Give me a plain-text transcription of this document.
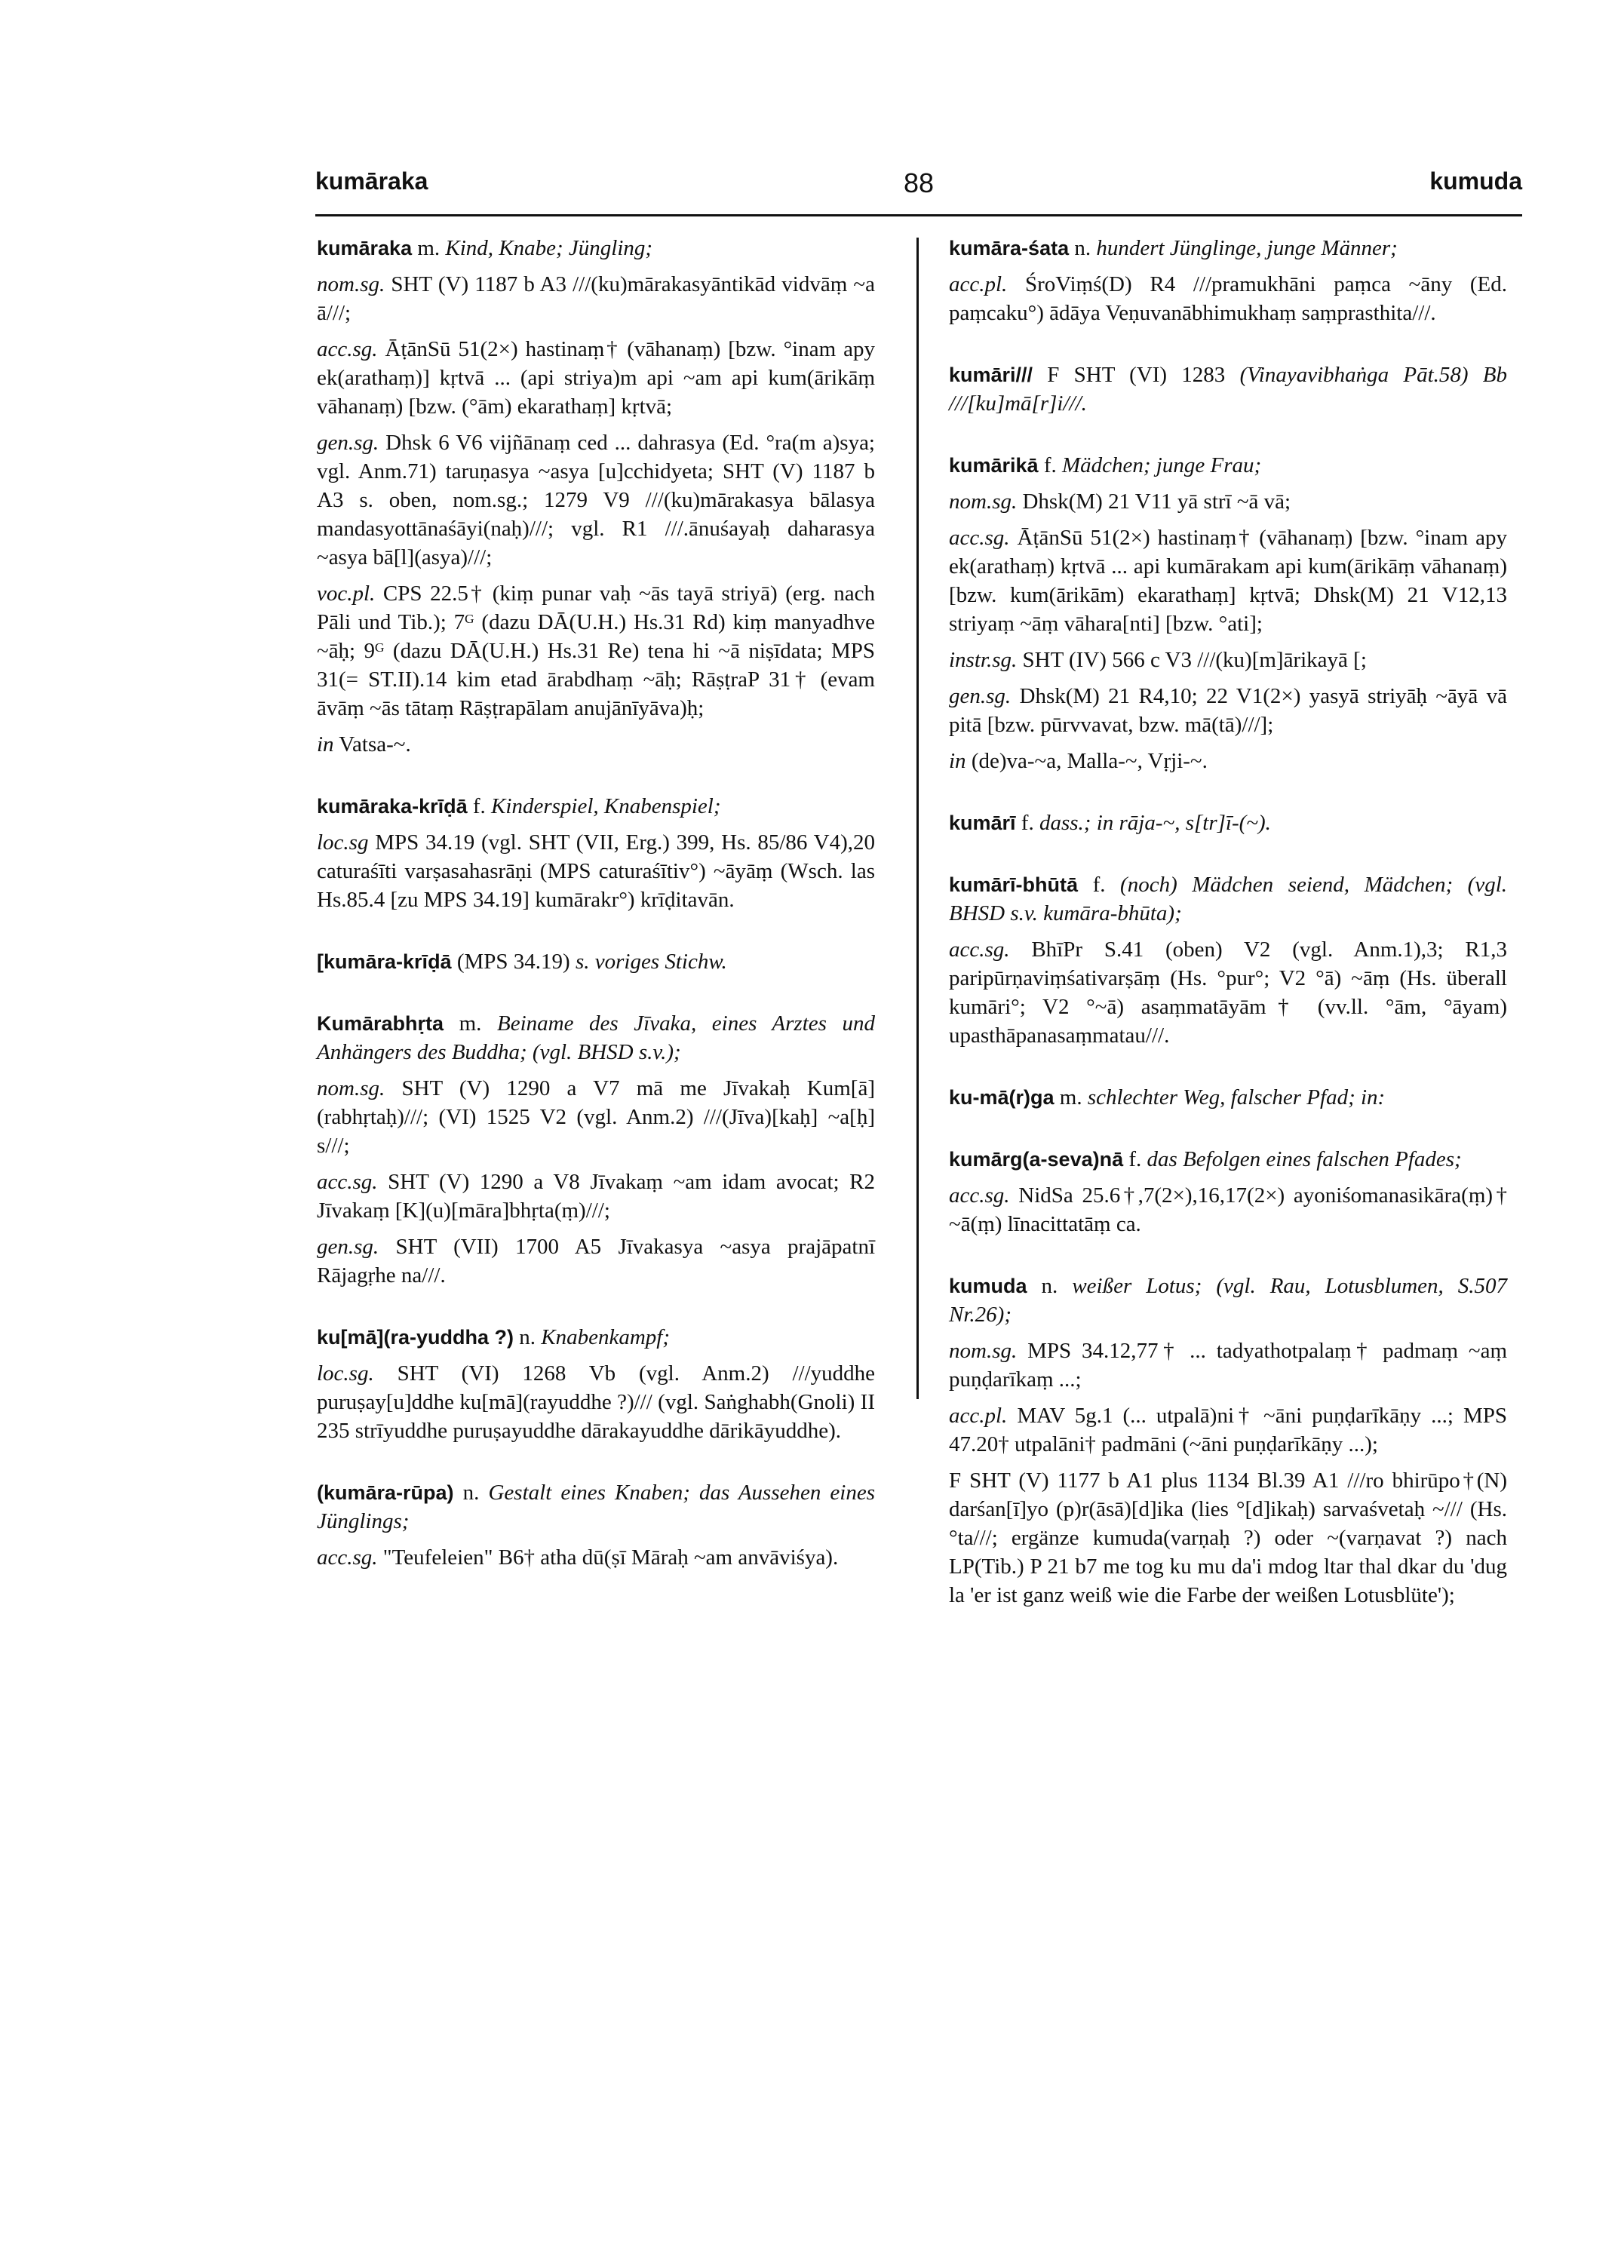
kumāraka	88	kumuda

kumāraka m. Kind, Knabe; Jüngling;

nom.sg. SHT (V) 1187 b A3 ///(ku)mārakasyāntikād vidvāṃ ~a ā///;

acc.sg. ĀṭānSū 51(2×) hastinaṃ† (vāhanaṃ) [bzw. °inam apy ek(arathaṃ)] kṛtvā ... (api striya)m api ~am api kum(ārikāṃ vāhanaṃ) [bzw. (°ām) ekarathaṃ] kṛtvā;

gen.sg. Dhsk 6 V6 vijñānaṃ ced ... dahrasya (Ed. °ra(m a)sya; vgl. Anm.71) taruṇasya ~asya [u]cchidyeta; SHT (V) 1187 b A3 s. oben, nom.sg.; 1279 V9 ///(ku)mārakasya bālasya mandasyottānaśāyi(naḥ)///; vgl. R1 ///.ānuśayaḥ daharasya ~asya bā[l](asya)///;

voc.pl. CPS 22.5† (kiṃ punar vaḥ ~ās tayā striyā) (erg. nach Pāli und Tib.); 7ᴳ (dazu DĀ(U.H.) Hs.31 Rd) kiṃ manyadhve ~āḥ; 9ᴳ (dazu DĀ(U.H.) Hs.31 Re) tena hi ~ā niṣīdata; MPS 31(= ST.II).14 kim etad ārabdhaṃ ~āḥ; RāṣṭraP 31† (evam āvāṃ ~ās tātaṃ Rāṣṭrapālam anujānīyāva)ḥ;

in Vatsa-~.

kumāraka-krīḍā f. Kinderspiel, Knabenspiel;

loc.sg MPS 34.19 (vgl. SHT (VII, Erg.) 399, Hs. 85/86 V4),20 caturaśīti varṣasahasrāṇi (MPS caturaśītiv°) ~āyāṃ (Wsch. las Hs.85.4 [zu MPS 34.19] kumārakr°) krīḍitavān.

[kumāra-krīḍā (MPS 34.19) s. voriges Stichw.

Kumārabhṛta m. Beiname des Jīvaka, eines Arztes und Anhängers des Buddha; (vgl. BHSD s.v.);

nom.sg. SHT (V) 1290 a V7 mā me Jīvakaḥ Kum[ā](rabhṛtaḥ)///; (VI) 1525 V2 (vgl. Anm.2) ///(Jīva)[kaḥ] ~a[ḥ] s///;

acc.sg. SHT (V) 1290 a V8 Jīvakaṃ ~am idam avocat; R2 Jīvakaṃ [K](u)[māra]bhṛta(ṃ)///;

gen.sg. SHT (VII) 1700 A5 Jīvakasya ~asya prajāpatnī Rājagṛhe na///.

ku[mā](ra-yuddha ?) n. Knabenkampf;

loc.sg. SHT (VI) 1268 Vb (vgl. Anm.2) ///yuddhe puruṣay[u]ddhe ku[mā](rayuddhe ?)/// (vgl. Saṅghabh(Gnoli) II 235 strīyuddhe puruṣayuddhe dārakayuddhe dārikāyuddhe).

(kumāra-rūpa) n. Gestalt eines Knaben; das Aussehen eines Jünglings;

acc.sg. "Teufeleien" B6† atha dū(ṣī Māraḥ ~am anvāviśya).

kumāra-śata n. hundert Jünglinge, junge Männer;

acc.pl. ŚroViṃś(D) R4 ///pramukhāni paṃca ~āny (Ed. paṃcaku°) ādāya Veṇuvanābhimukhaṃ saṃprasthita///.

kumāri/// F SHT (VI) 1283 (Vinayavibhaṅga Pāt.58) Bb ///[ku]mā[r]i///.

kumārikā f. Mädchen; junge Frau;

nom.sg. Dhsk(M) 21 V11 yā strī ~ā vā;

acc.sg. ĀṭānSū 51(2×) hastinaṃ† (vāhanaṃ) [bzw. °inam apy ek(arathaṃ) kṛtvā ... api kumārakam api kum(ārikāṃ vāhanaṃ) [bzw. kum(ārikām) ekarathaṃ] kṛtvā; Dhsk(M) 21 V12,13 striyaṃ ~āṃ vāhara[nti] [bzw. °ati];

instr.sg. SHT (IV) 566 c V3 ///(ku)[m]ārikayā [;

gen.sg. Dhsk(M) 21 R4,10; 22 V1(2×) yasyā striyāḥ ~āyā vā pitā [bzw. pūrvvavat, bzw. mā(tā)///];

in (de)va-~a, Malla-~, Vṛji-~.

kumārī f. dass.; in rāja-~, s[tr]ī-(~).

kumārī-bhūtā f. (noch) Mädchen seiend, Mädchen; (vgl. BHSD s.v. kumāra-bhūta);

acc.sg. BhīPr S.41 (oben) V2 (vgl. Anm.1),3; R1,3 paripūrṇaviṃśativarṣāṃ (Hs. °pur°; V2 °ā) ~āṃ (Hs. überall kumāri°; V2 °~ā) asaṃmatāyām† (vv.ll. °ām, °āyam) upasthāpanasaṃmatau///.

ku-mā(r)ga m. schlechter Weg, falscher Pfad; in:

kumārg(a-seva)nā f. das Befolgen eines falschen Pfades;

acc.sg. NidSa 25.6†,7(2×),16,17(2×) ayoniśomanasikāra(ṃ)† ~ā(ṃ) līnacittatāṃ ca.

kumuda n. weißer Lotus; (vgl. Rau, Lotusblumen, S.507 Nr.26);

nom.sg. MPS 34.12,77† ... tadyathotpalaṃ† padmaṃ ~aṃ puṇḍarīkaṃ ...;

acc.pl. MAV 5g.1 (... utpalā)ni† ~āni puṇḍarīkāṇy ...; MPS 47.20† utpalāni† padmāni (~āni puṇḍarīkāṇy ...);

F SHT (V) 1177 b A1 plus 1134 Bl.39 A1 ///ro bhirūpo†(N) darśan[ī]yo (p)r(āsā)[d]ika (lies °[d]ikaḥ) sarvaśvetaḥ ~/// (Hs. °ta///; ergänze kumuda(varṇaḥ ?) oder ~(varṇavat ?) nach LP(Tib.) P 21 b7 me tog ku mu da'i mdog ltar thal dkar du 'dug la 'er ist ganz weiß wie die Farbe der weißen Lotusblüte');
